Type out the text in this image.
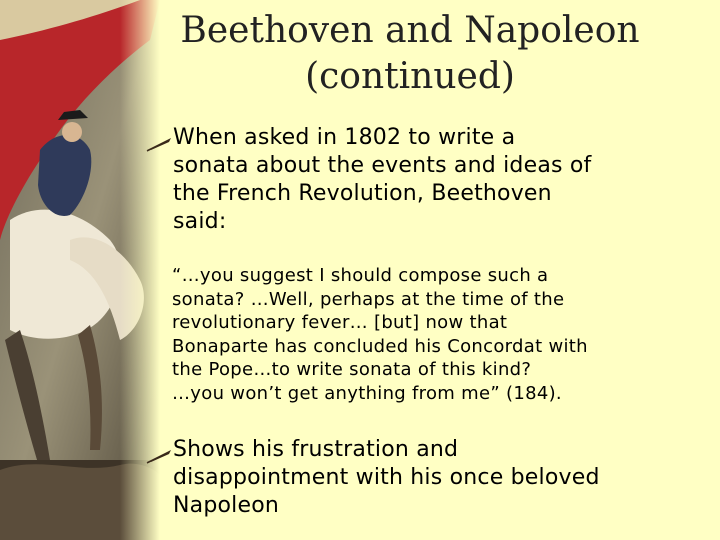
Beethoven and Napoleon
(continued)
When asked in 1802 to write a
sonata about the events and ideas of
the French Revolution, Beethoven
said:
“…you suggest I should compose such a
sonata? …Well, perhaps at the time of the
revolutionary fever… [but] now that
Bonaparte has concluded his Concordat with
the Pope…to write sonata of this kind?
…you won’t get anything from me” (184).
Shows his frustration and
disappointment with his once beloved
Napoleon
